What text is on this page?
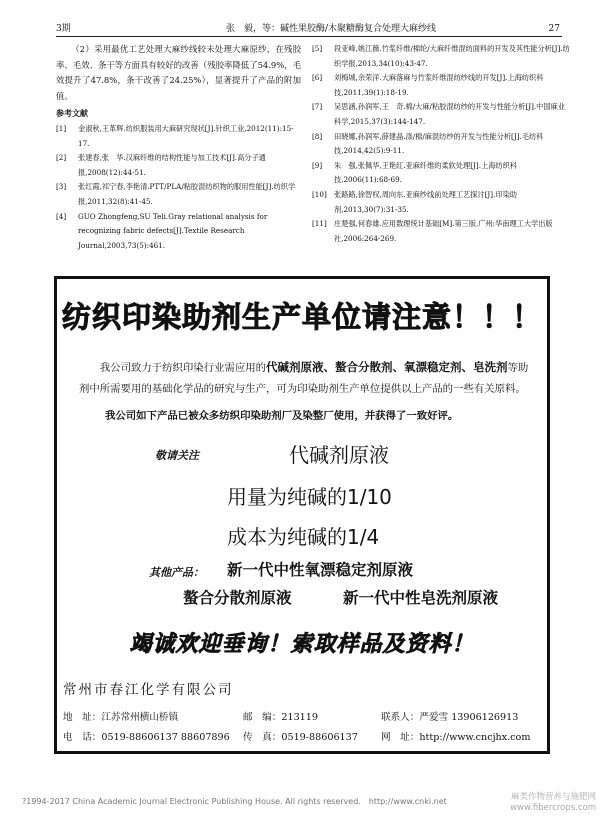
3期	张　毅，等：碱性果胶酶/木聚糖酶复合处理大麻纱线	27

（2）采用最优工艺处理大麻纱线较未处理大麻原纱，在残胶率、毛效、条干等方面具有较好的改善（残胶率降低了54.9%，毛效提升了47.8%，条干改善了24.25%），显著提升了产品的附加值。

参考文献
[1]	金淑秋,王革辉.纺织服装用大麻研究现状[J].针织工业,2012(11):15-17.
[2]	张建春,张　华.汉麻纤维的结构性能与加工技术[J].高分子通报,2008(12):44-51.
[3]	张红霞,祁宁春,李艳清.PTT/PLA/粘胶混纺织物的服用性能[J].纺织学报,2011,32(8):41-45.
[4]	GUO Zhongfeng,SU Teli.Gray relational analysis for recognizing fabric defects[J].Textile Research Journal,2003,73(5):461.
[5]	段亚峰,姚江薇.竹浆纤维/棉纶/大麻纤维混纺面料的开发及其性能分析[J].纺织学报,2013,34(10):43-47.
[6]	刘梅城,余荣洋.大麻落麻与竹浆纤维混纺纱线的开发[J].上海纺织科技,2011,39(1):18-19.
[7]	吴思涵,孙润军,王　奇.棉/大麻/粘胶混纺纱的开发与性能分析[J].中国麻业科学,2015,37(3):144-147.
[8]	田晓娜,孙润军,薛建晶.涤/棉/麻混纺纱的开发与性能分析[J].毛纺科技,2014,42(5):9-11.
[9]	朱　强,张佩华,王艳红.亚麻纤维的柔软处理[J].上海纺织科技,2006(11):68-69.
[10]	张路路,徐智权,周向东.亚麻纱线前处理工艺探讨[J].印染助剂,2013,30(7):31-35.
[11]	庄楚强,何春雄.应用数理统计基础[M].第三版.广州:华南理工大学出版社,2006:264-269.
纺织印染助剂生产单位请注意！！！
我公司致力于纺织印染行业需应用的代碱剂原液、螯合分散剂、氧漂稳定剂、皂洗剂等助剂中所需要用的基础化学品的研究与生产，可为印染助剂生产单位提供以上产品的一些有关原料。
我公司如下产品已被众多纺织印染助剂厂及染整厂使用，并获得了一致好评。
敬请关注	代碱剂原液
用量为纯碱的1/10
成本为纯碱的1/4
其他产品： 新一代中性氧漂稳定剂原液
螯合分散剂原液	新一代中性皂洗剂原液
竭诚欢迎垂询！索取样品及资料！
常州市春江化学有限公司
地　址：江苏常州横山桥镇	邮　编：213119	联系人：严爱雪 13906126913
电　话：0519-88606137 88607896 传　真：0519-88606137 网　址：http://www.cncjhx.com
?1994-2017 China Academic Journal Electronic Publishing House. All rights reserved.　http://www.cnki.net	麻类作物营养与施肥网
www.fibercrops.com
